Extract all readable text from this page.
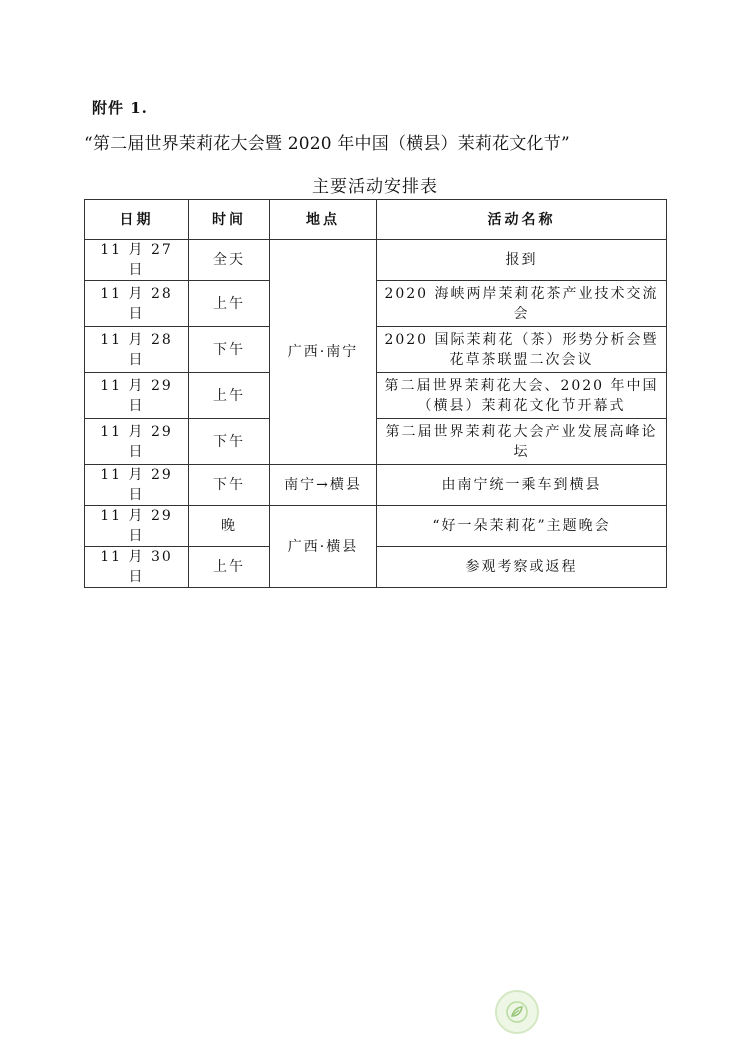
附件 1.
“第二届世界茉莉花大会暨 2020 年中国（横县）茉莉花文化节”
主要活动安排表
日期	时间	地点	活动名称
11 月 27 日	全天	广西·南宁	报到
11 月 28 日	上午		2020 海峡两岸茉莉花茶产业技术交流会
11 月 28 日	下午		2020 国际茉莉花（茶）形势分析会暨花草茶联盟二次会议
11 月 29 日	上午		第二届世界茉莉花大会、2020 年中国（横县）茉莉花文化节开幕式
11 月 29 日	下午		第二届世界茉莉花大会产业发展高峰论坛
11 月 29 日	下午	南宁→横县	由南宁统一乘车到横县
11 月 29 日	晚	广西·横县	“好一朵茉莉花”主题晚会
11 月 30 日	上午		参观考察或返程
